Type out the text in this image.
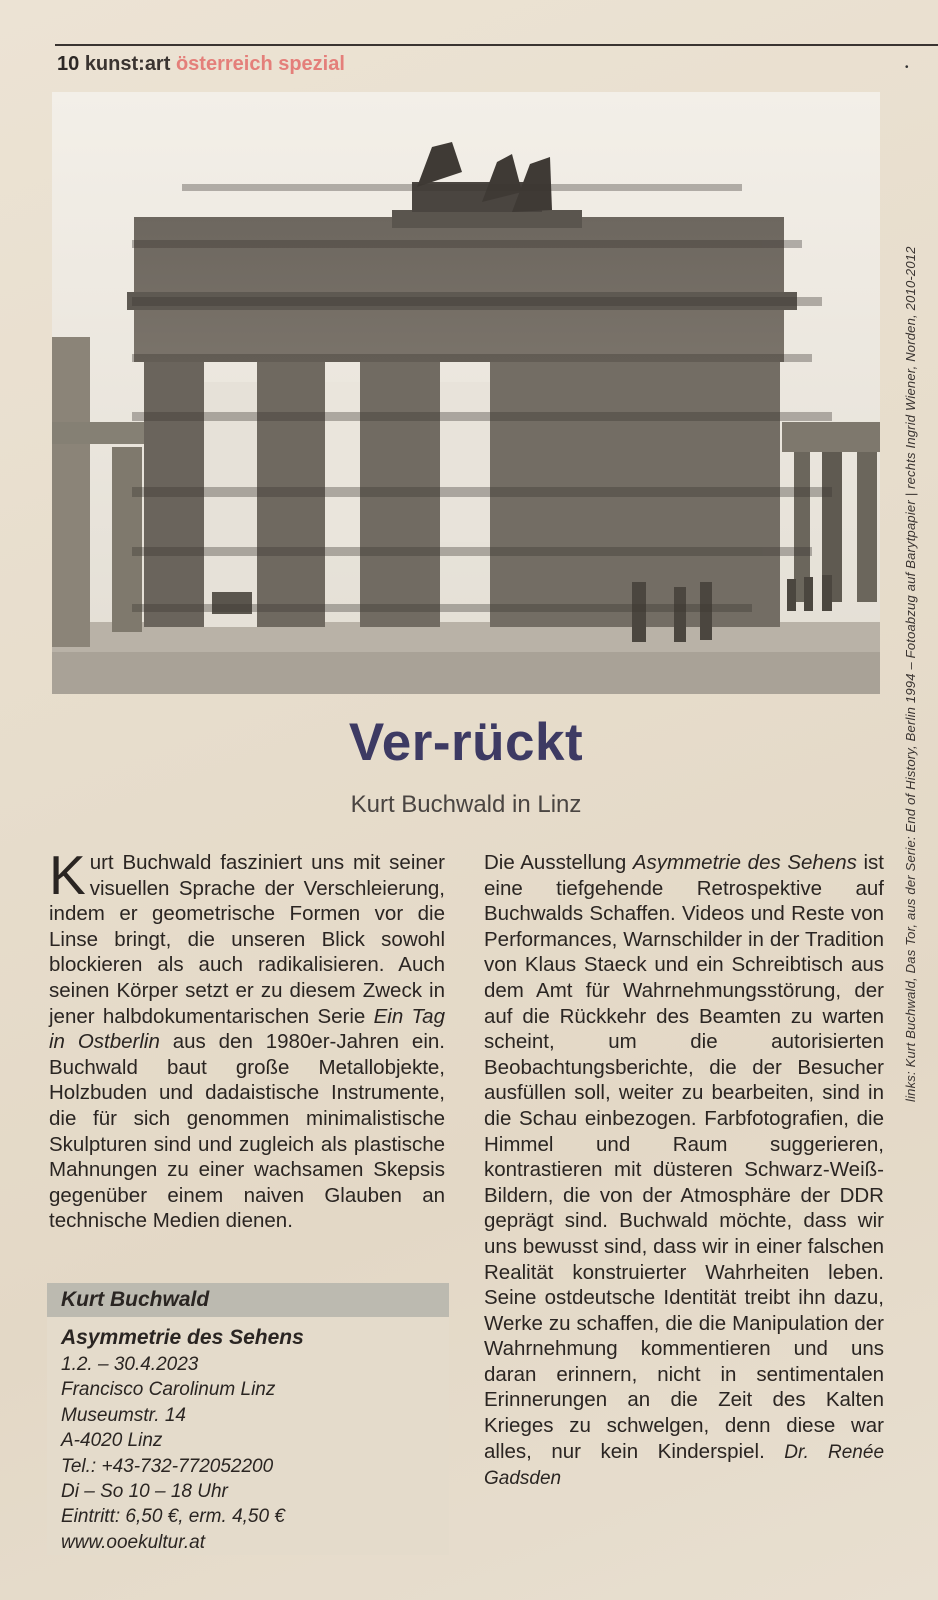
10 kunst:art österreich spezial	•
links: Kurt Buchwald, Das Tor, aus der Serie: End of History, Berlin 1994 – Fotoabzug auf Barytpapier | rechts Ingrid Wiener, Norden, 2010-2012
Ver-rückt
Kurt Buchwald in Linz

Kurt Buchwald fasziniert uns mit seiner visuellen Sprache der Verschleierung, indem er geometrische Formen vor die Linse bringt, die unseren Blick sowohl blockieren als auch radikalisieren. Auch seinen Körper setzt er zu diesem Zweck in jener halbdokumentarischen Serie Ein Tag in Ostberlin aus den 1980er-Jahren ein. Buchwald baut große Metallobjekte, Holzbuden und dadaistische Instrumente, die für sich genommen minimalistische Skulpturen sind und zugleich als plastische Mahnungen zu einer wachsamen Skepsis gegenüber einem naiven Glauben an technische Medien dienen.

Kurt Buchwald
Asymmetrie des Sehens
1.2. – 30.4.2023
Francisco Carolinum Linz
Museumstr. 14
A-4020 Linz
Tel.: +43-732-772052200
Di – So 10 – 18 Uhr
Eintritt: 6,50 €, erm. 4,50 €
www.ooekultur.at

Die Ausstellung Asymmetrie des Sehens ist eine tiefgehende Retrospektive auf Buchwalds Schaffen. Videos und Reste von Performances, Warnschilder in der Tradition von Klaus Staeck und ein Schreibtisch aus dem Amt für Wahrnehmungsstörung, der auf die Rückkehr des Beamten zu warten scheint, um die autorisierten Beobachtungsberichte, die der Besucher ausfüllen soll, weiter zu bearbeiten, sind in die Schau einbezogen. Farbfotografien, die Himmel und Raum suggerieren, kontrastieren mit düsteren Schwarz-Weiß-Bildern, die von der Atmosphäre der DDR geprägt sind. Buchwald möchte, dass wir uns bewusst sind, dass wir in einer falschen Realität konstruierter Wahrheiten leben. Seine ostdeutsche Identität treibt ihn dazu, Werke zu schaffen, die die Manipulation der Wahrnehmung kommentieren und uns daran erinnern, nicht in sentimentalen Erinnerungen an die Zeit des Kalten Krieges zu schwelgen, denn diese war alles, nur kein Kinderspiel. Dr. Renée Gadsden
